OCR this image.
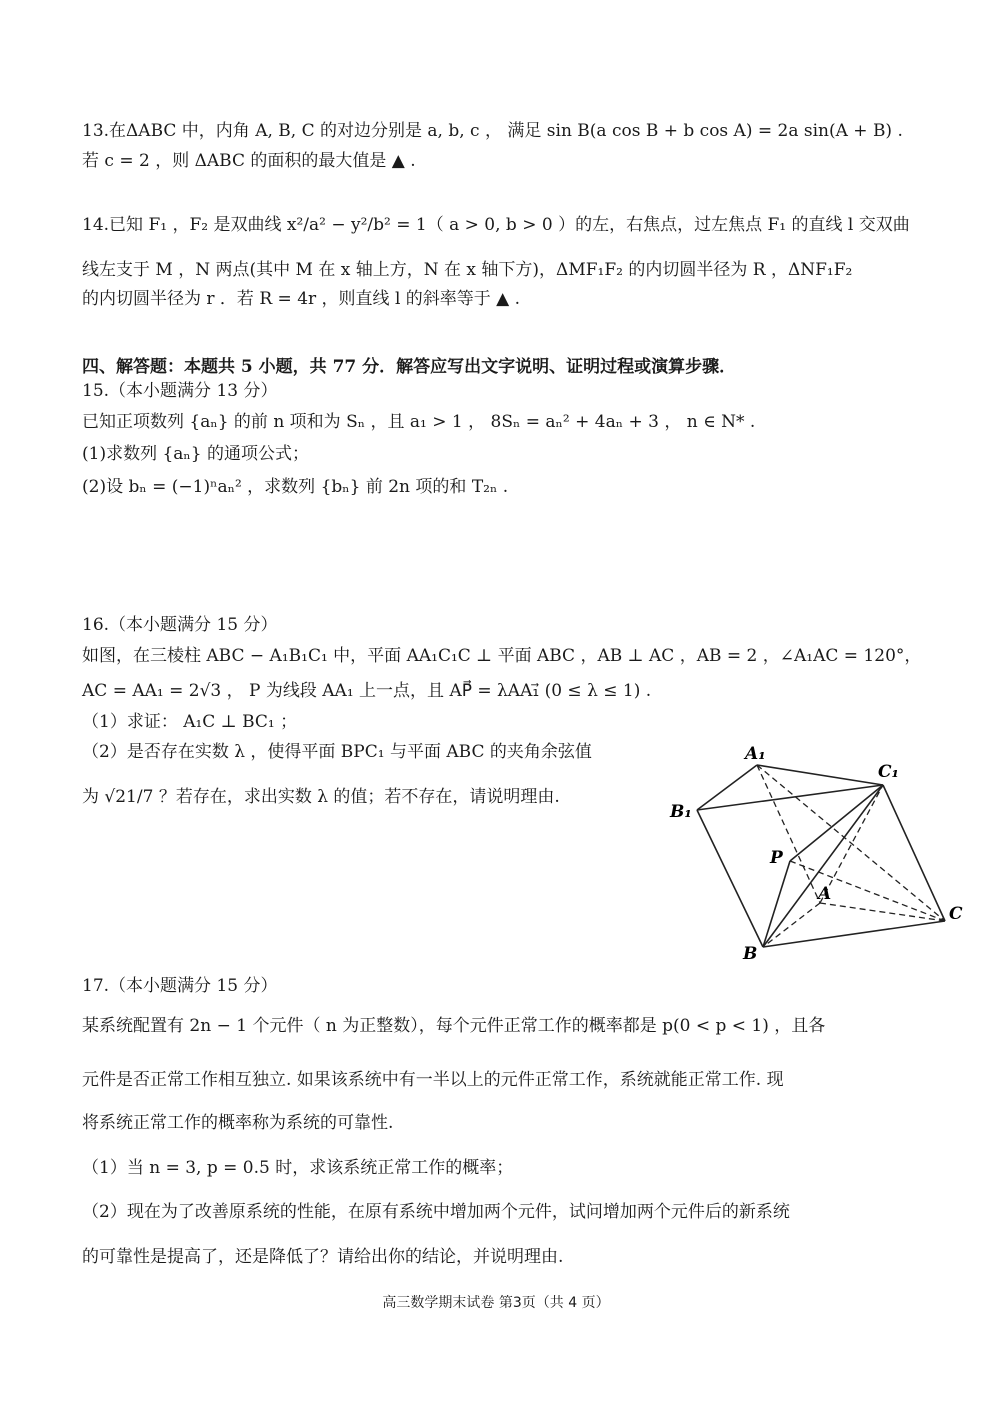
13.在ΔABC 中，内角 A, B, C 的对边分别是 a, b, c ， 满足 sin B(a cos B + b cos A) = 2a sin(A + B) .
若 c = 2 ，则 ΔABC 的面积的最大值是 ▲ .
14.已知 F₁ ，F₂ 是双曲线 x²/a² − y²/b² = 1（ a > 0, b > 0 ）的左，右焦点，过左焦点 F₁ 的直线 l 交双曲
线左支于 M ，N 两点(其中 M 在 x 轴上方，N 在 x 轴下方)，ΔMF₁F₂ 的内切圆半径为 R ，ΔNF₁F₂
的内切圆半径为 r ．若 R = 4r ，则直线 l 的斜率等于 ▲ .
四、解答题：本题共 5 小题，共 77 分．解答应写出文字说明、证明过程或演算步骤．
15.（本小题满分 13 分）
已知正项数列 {aₙ} 的前 n 项和为 Sₙ ，且 a₁ > 1 ， 8Sₙ = aₙ² + 4aₙ + 3 ， n ∈ N* .
(1)求数列 {aₙ} 的通项公式；
(2)设 bₙ = (−1)ⁿaₙ² ，求数列 {bₙ} 前 2n 项的和 T₂ₙ .
16.（本小题满分 15 分）
如图，在三棱柱 ABC − A₁B₁C₁ 中，平面 AA₁C₁C ⊥ 平面 ABC ，AB ⊥ AC ，AB = 2 ，∠A₁AC = 120°，
AC = AA₁ = 2√3 ， P 为线段 AA₁ 上一点，且 AP⃗ = λAA₁⃗ (0 ≤ λ ≤ 1) .
（1）求证： A₁C ⊥ BC₁ ；
（2）是否存在实数 λ ，使得平面 BPC₁ 与平面 ABC 的夹角余弦值
为 √21/7 ？若存在，求出实数 λ 的值；若不存在，请说明理由.
A₁
C₁
B₁
P
A
B
C
17.（本小题满分 15 分）
某系统配置有 2n − 1 个元件（ n 为正整数），每个元件正常工作的概率都是 p(0 < p < 1) ，且各
元件是否正常工作相互独立. 如果该系统中有一半以上的元件正常工作，系统就能正常工作. 现
将系统正常工作的概率称为系统的可靠性.
（1）当 n = 3, p = 0.5 时，求该系统正常工作的概率；
（2）现在为了改善原系统的性能，在原有系统中增加两个元件，试问增加两个元件后的新系统
的可靠性是提高了，还是降低了？请给出你的结论，并说明理由.
高三数学期末试卷 第3页（共 4 页）
